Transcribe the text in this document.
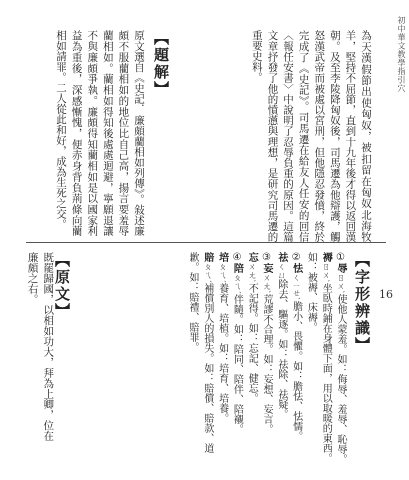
初中華文教學指引穴
16
為天漢假節出使匈奴，被扣留在匈奴北海牧羊，堅持不屈節，直到十九年後才得以返回漢朝。及至李陵降匈奴後，司馬遷為他辯護，觸怒漢武帝而被處以宮刑，但他隱忍發憤，終於完成了《史記》。司馬遷在給友人任安的回信〈報任安書〉中說明了忍辱負重的原因。這篇文章抒發了他的憤懣與理想，是研究司馬遷的重要史料。
【題解】
原文選自《史記．廉頗藺相如列傳》。敍述廉頗不服藺相如的地位比自己高，揚言要羞辱藺相如。藺相如得知後處處迴避，寧願退讓不與廉頗爭執。廉頗得知藺相如是以國家利益為重後，深感慚愧，便赤身背負荊條向藺相如請罪。二人從此和好，成為生死之交。
【字形辨識】
①辱ㄖㄨˋ使他人蒙羞。如：侮辱、羞辱、恥辱。
褥ㄖㄨˋ坐臥時鋪在身體下面，用以取暖的東西。如：被褥、床褥。
②怯ㄑㄧㄝˋ膽小、畏懼。如：膽怯、怯懦。
祛ㄑㄩ除去、驅逐。如：祛除、祛疑。
③妄ㄨㄤˋ荒謬不合理。如：妄想、妄言。
忘ㄨㄤˋ不記得。如：忘記、健忘。
④陪ㄆㄟˊ伴隨。如：陪同、陪伴、陪襯。
培ㄆㄟˊ養育、培植。如：培育、培養。
賠ㄆㄟˊ補償別人的損失。如：賠償、賠款、道歉。如：賠禮、賠罪。
【原文】
既罷歸國，以相如功大，拜為上卿，位在廉頗之右。
